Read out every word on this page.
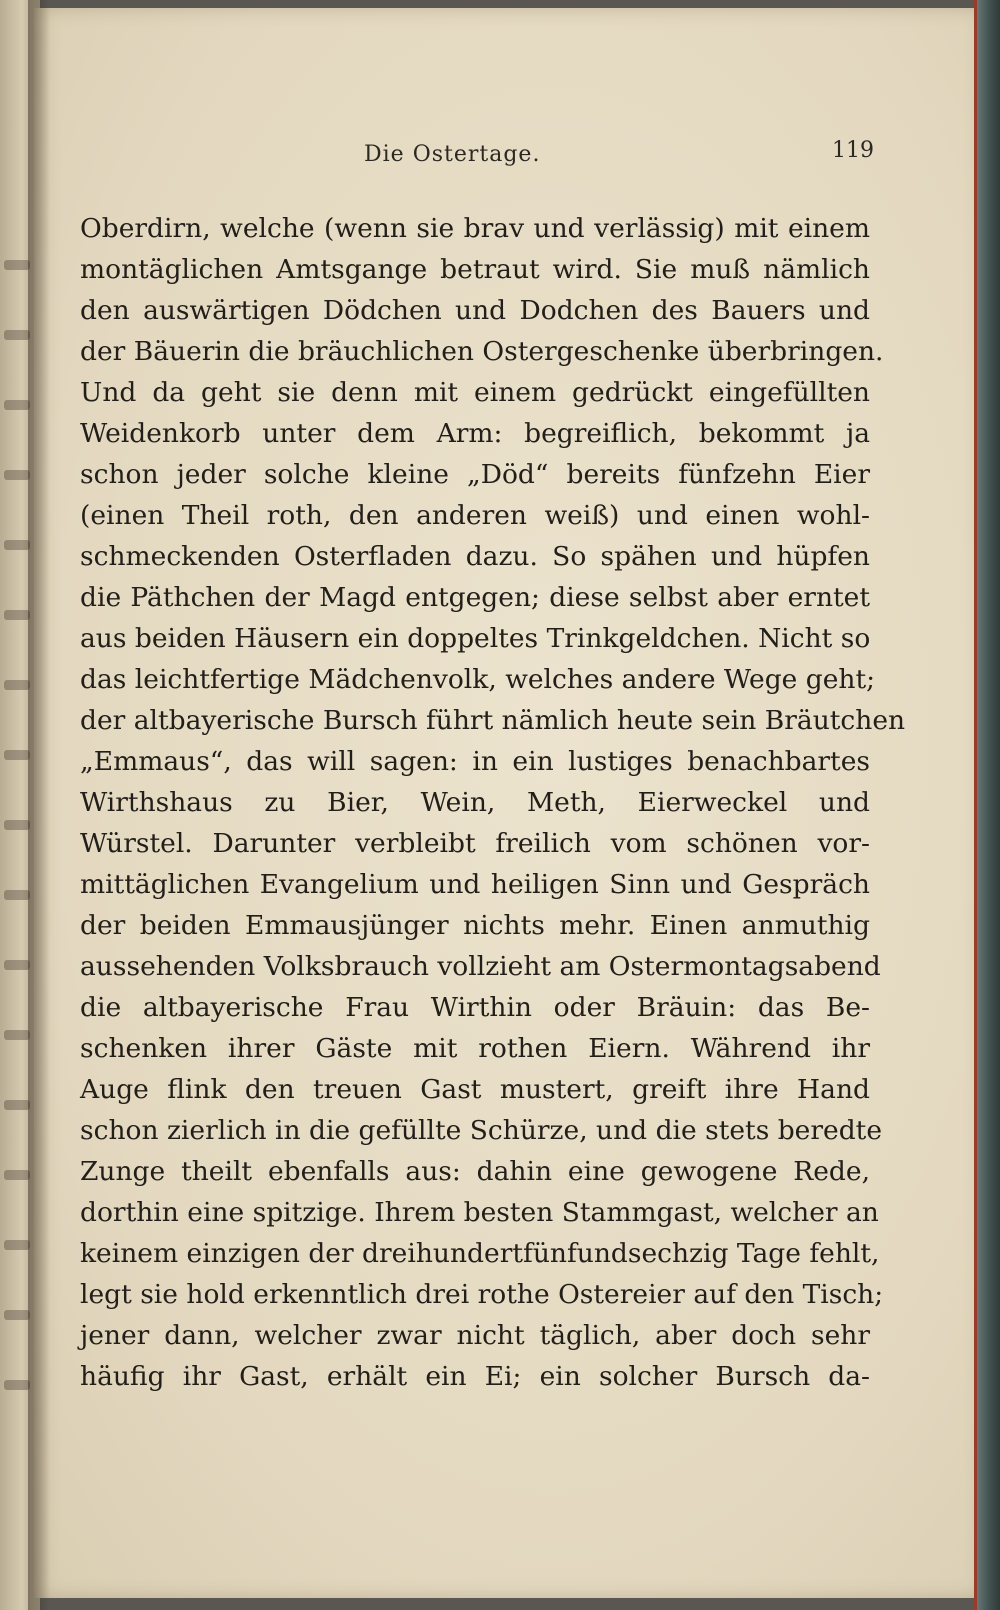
Die Ostertage.	119
Oberdirn, welche (wenn sie brav und verlässig) mit einem
montäglichen Amtsgange betraut wird. Sie muß nämlich
den auswärtigen Dödchen und Dodchen des Bauers und
der Bäuerin die bräuchlichen Ostergeschenke überbringen.
Und da geht sie denn mit einem gedrückt eingefüllten
Weidenkorb unter dem Arm: begreiflich, bekommt ja
schon jeder solche kleine „Död“ bereits fünfzehn Eier
(einen Theil roth, den anderen weiß) und einen wohl-
schmeckenden Osterfladen dazu. So spähen und hüpfen
die Päthchen der Magd entgegen; diese selbst aber erntet
aus beiden Häusern ein doppeltes Trinkgeldchen. Nicht so
das leichtfertige Mädchenvolk, welches andere Wege geht;
der altbayerische Bursch führt nämlich heute sein Bräutchen
„Emmaus“, das will sagen: in ein lustiges benachbartes
Wirthshaus zu Bier, Wein, Meth, Eierweckel und
Würstel. Darunter verbleibt freilich vom schönen vor-
mittäglichen Evangelium und heiligen Sinn und Gespräch
der beiden Emmausjünger nichts mehr. Einen anmuthig
aussehenden Volksbrauch vollzieht am Ostermontagsabend
die altbayerische Frau Wirthin oder Bräuin: das Be-
schenken ihrer Gäste mit rothen Eiern. Während ihr
Auge flink den treuen Gast mustert, greift ihre Hand
schon zierlich in die gefüllte Schürze, und die stets beredte
Zunge theilt ebenfalls aus: dahin eine gewogene Rede,
dorthin eine spitzige. Ihrem besten Stammgast, welcher an
keinem einzigen der dreihundertfünfundsechzig Tage fehlt,
legt sie hold erkenntlich drei rothe Ostereier auf den Tisch;
jener dann, welcher zwar nicht täglich, aber doch sehr
häufig ihr Gast, erhält ein Ei; ein solcher Bursch da-
